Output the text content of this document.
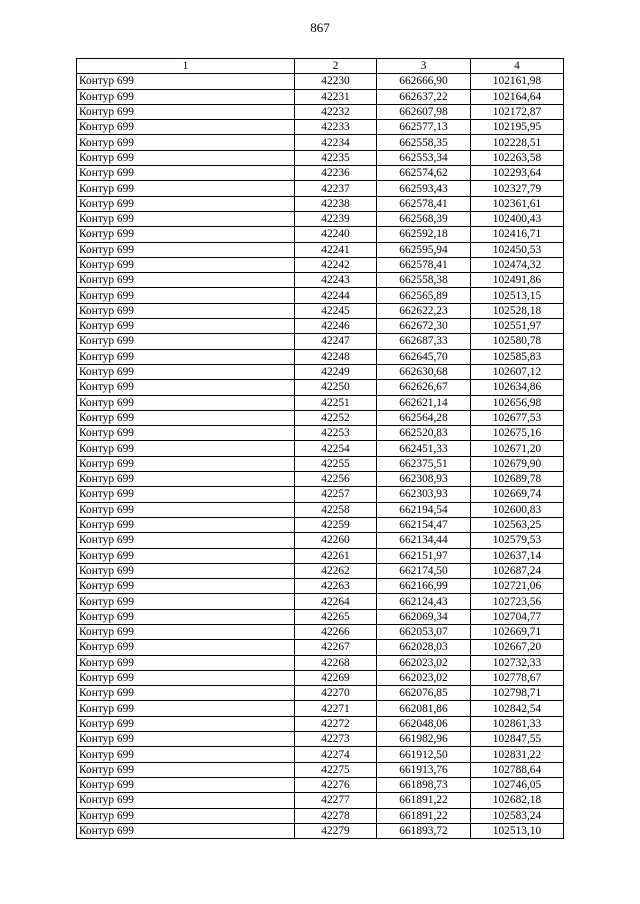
867
1	2	3	4
Контур 699	42230	662666,90	102161,98
Контур 699	42231	662637,22	102164,64
Контур 699	42232	662607,98	102172,87
Контур 699	42233	662577,13	102195,95
Контур 699	42234	662558,35	102228,51
Контур 699	42235	662553,34	102263,58
Контур 699	42236	662574,62	102293,64
Контур 699	42237	662593,43	102327,79
Контур 699	42238	662578,41	102361,61
Контур 699	42239	662568,39	102400,43
Контур 699	42240	662592,18	102416,71
Контур 699	42241	662595,94	102450,53
Контур 699	42242	662578,41	102474,32
Контур 699	42243	662558,38	102491,86
Контур 699	42244	662565,89	102513,15
Контур 699	42245	662622,23	102528,18
Контур 699	42246	662672,30	102551,97
Контур 699	42247	662687,33	102580,78
Контур 699	42248	662645,70	102585,83
Контур 699	42249	662630,68	102607,12
Контур 699	42250	662626,67	102634,86
Контур 699	42251	662621,14	102656,98
Контур 699	42252	662564,28	102677,53
Контур 699	42253	662520,83	102675,16
Контур 699	42254	662451,33	102671,20
Контур 699	42255	662375,51	102679,90
Контур 699	42256	662308,93	102689,78
Контур 699	42257	662303,93	102669,74
Контур 699	42258	662194,54	102600,83
Контур 699	42259	662154,47	102563,25
Контур 699	42260	662134,44	102579,53
Контур 699	42261	662151,97	102637,14
Контур 699	42262	662174,50	102687,24
Контур 699	42263	662166,99	102721,06
Контур 699	42264	662124,43	102723,56
Контур 699	42265	662069,34	102704,77
Контур 699	42266	662053,07	102669,71
Контур 699	42267	662028,03	102667,20
Контур 699	42268	662023,02	102732,33
Контур 699	42269	662023,02	102778,67
Контур 699	42270	662076,85	102798,71
Контур 699	42271	662081,86	102842,54
Контур 699	42272	662048,06	102861,33
Контур 699	42273	661982,96	102847,55
Контур 699	42274	661912,50	102831,22
Контур 699	42275	661913,76	102788,64
Контур 699	42276	661898,73	102746,05
Контур 699	42277	661891,22	102682,18
Контур 699	42278	661891,22	102583,24
Контур 699	42279	661893,72	102513,10
